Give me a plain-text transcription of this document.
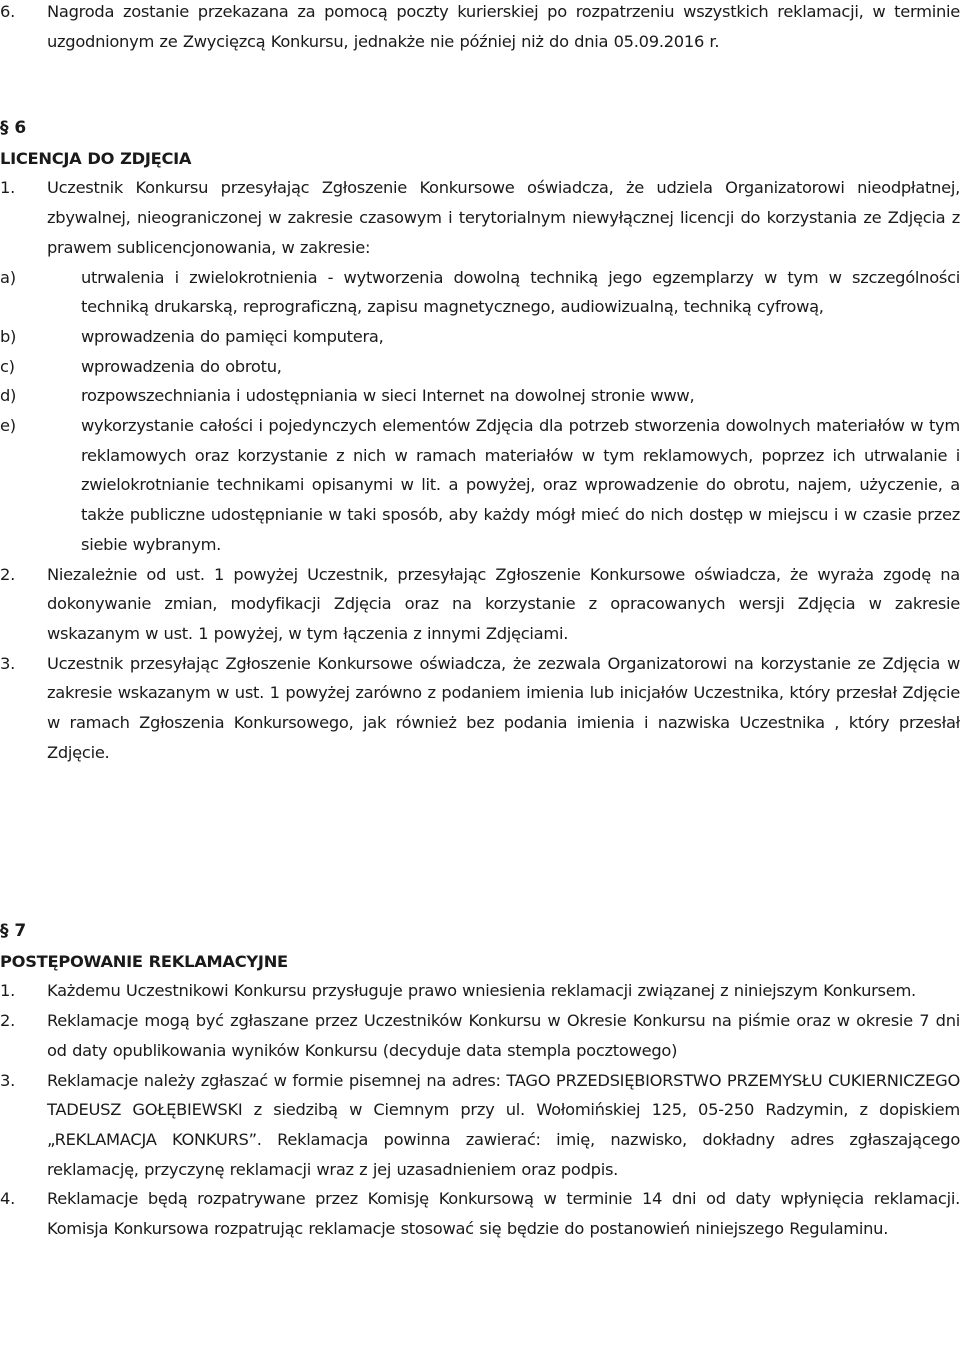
6.	Nagroda zostanie przekazana za pomocą poczty kurierskiej po rozpatrzeniu wszystkich reklamacji, w terminie uzgodnionym ze Zwycięzcą Konkursu, jednakże nie później niż do dnia 05.09.2016 r.
§ 6
LICENCJA DO ZDJĘCIA
1.	Uczestnik Konkursu przesyłając Zgłoszenie Konkursowe oświadcza, że udziela Organizatorowi nieodpłatnej, zbywalnej, nieograniczonej w zakresie czasowym i terytorialnym niewyłącznej licencji do korzystania ze Zdjęcia z prawem sublicencjonowania, w zakresie:
a)	utrwalenia i zwielokrotnienia - wytworzenia dowolną techniką jego egzemplarzy w tym w szczególności techniką drukarską, reprograficzną, zapisu magnetycznego, audiowizualną, techniką cyfrową,
b)	wprowadzenia do pamięci komputera,
c)	wprowadzenia do obrotu,
d)	rozpowszechniania i udostępniania w sieci Internet na dowolnej stronie www,
e)	wykorzystanie całości i pojedynczych elementów Zdjęcia dla potrzeb stworzenia dowolnych materiałów w tym reklamowych oraz korzystanie z nich w ramach materiałów w tym reklamowych, poprzez ich utrwalanie i zwielokrotnianie technikami opisanymi w lit. a powyżej, oraz wprowadzenie do obrotu, najem, użyczenie, a także publiczne udostępnianie w taki sposób, aby każdy mógł mieć do nich dostęp w miejscu i w czasie przez siebie wybranym.
2.	Niezależnie od ust. 1 powyżej Uczestnik, przesyłając Zgłoszenie Konkursowe oświadcza, że wyraża zgodę na dokonywanie zmian, modyfikacji Zdjęcia oraz na korzystanie z opracowanych wersji Zdjęcia w zakresie wskazanym w ust. 1 powyżej, w tym łączenia z innymi Zdjęciami.
3.	Uczestnik przesyłając Zgłoszenie Konkursowe oświadcza, że zezwala Organizatorowi na korzystanie ze Zdjęcia w zakresie wskazanym w ust. 1 powyżej zarówno z podaniem imienia lub inicjałów Uczestnika, który przesłał Zdjęcie w ramach Zgłoszenia Konkursowego, jak również bez podania imienia i nazwiska Uczestnika , który przesłał Zdjęcie.
§ 7
POSTĘPOWANIE REKLAMACYJNE
1.	Każdemu Uczestnikowi Konkursu przysługuje prawo wniesienia reklamacji związanej z niniejszym Konkursem.
2.	Reklamacje mogą być zgłaszane przez Uczestników Konkursu w Okresie Konkursu na piśmie oraz w okresie 7 dni od daty opublikowania wyników Konkursu (decyduje data stempla pocztowego)
3.	Reklamacje należy zgłaszać w formie pisemnej na adres: TAGO PRZEDSIĘBIORSTWO PRZEMYSŁU CUKIERNICZEGO TADEUSZ GOŁĘBIEWSKI z siedzibą w Ciemnym przy ul. Wołomińskiej 125, 05-250 Radzymin, z dopiskiem „REKLAMACJA KONKURS”. Reklamacja powinna zawierać: imię, nazwisko, dokładny adres zgłaszającego reklamację, przyczynę reklamacji wraz z jej uzasadnieniem oraz podpis.
4.	Reklamacje będą rozpatrywane przez Komisję Konkursową w terminie 14 dni od daty wpłynięcia reklamacji. Komisja Konkursowa rozpatrując reklamacje stosować się będzie do postanowień niniejszego Regulaminu.
